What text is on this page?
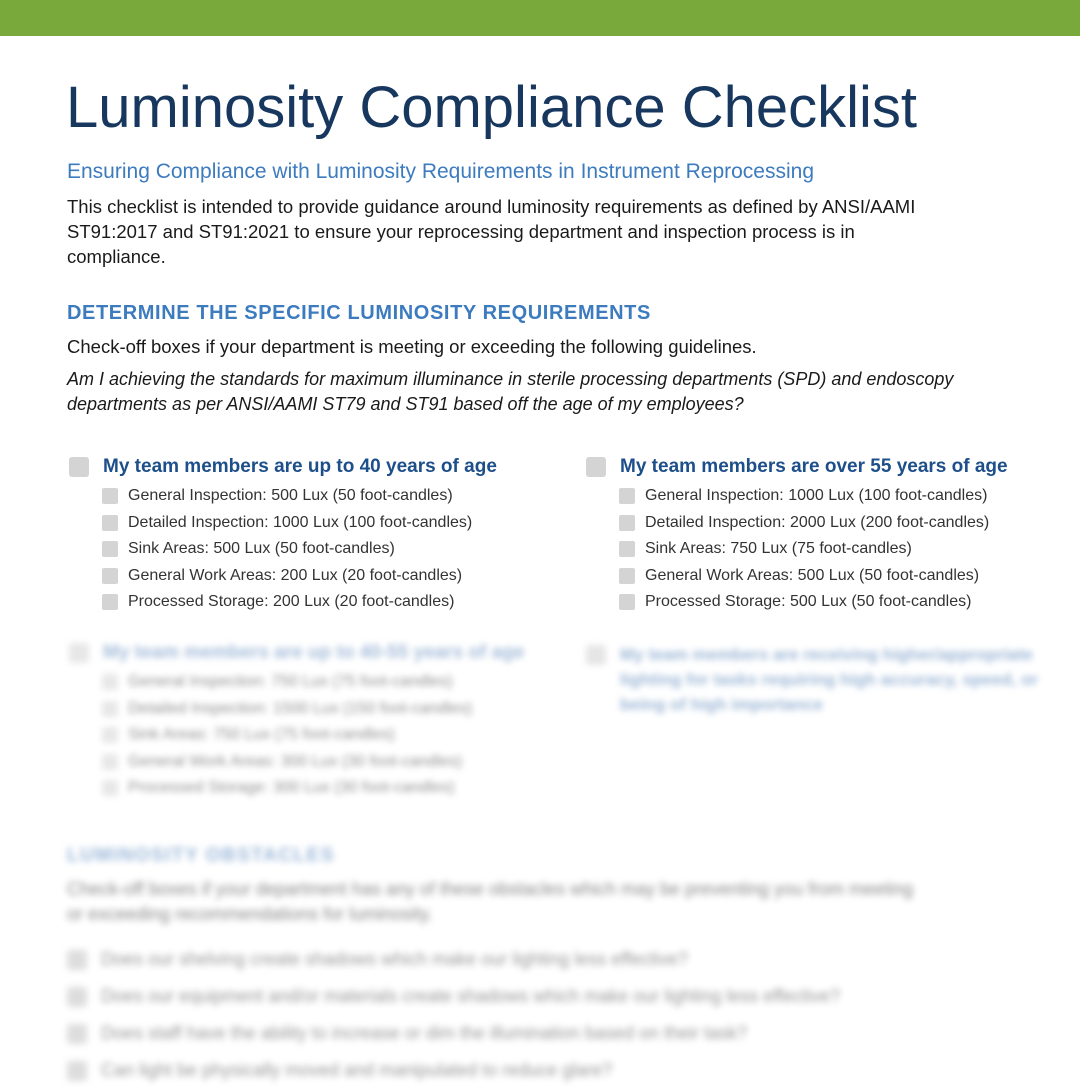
Luminosity Compliance Checklist
Ensuring Compliance with Luminosity Requirements in Instrument Reprocessing
This checklist is intended to provide guidance around luminosity requirements as defined by ANSI/AAMI ST91:2017 and ST91:2021 to ensure your reprocessing department and inspection process is in compliance.
DETERMINE THE SPECIFIC LUMINOSITY REQUIREMENTS
Check-off boxes if your department is meeting or exceeding the following guidelines.
Am I achieving the standards for maximum illuminance in sterile processing departments (SPD) and endoscopy departments as per ANSI/AAMI ST79 and ST91 based off the age of my employees?
My team members are up to 40 years of age
General Inspection: 500 Lux (50 foot-candles)
Detailed Inspection: 1000 Lux (100 foot-candles)
Sink Areas: 500 Lux (50 foot-candles)
General Work Areas: 200 Lux (20 foot-candles)
Processed Storage: 200 Lux (20 foot-candles)
My team members are over 55 years of age
General Inspection: 1000 Lux (100 foot-candles)
Detailed Inspection: 2000 Lux (200 foot-candles)
Sink Areas: 750 Lux (75 foot-candles)
General Work Areas: 500 Lux (50 foot-candles)
Processed Storage: 500 Lux (50 foot-candles)
My team members are up to 40-55 years of age
General Inspection: 750 Lux (75 foot-candles)
Detailed Inspection: 1500 Lux (150 foot-candles)
Sink Areas: 750 Lux (75 foot-candles)
General Work Areas: 300 Lux (30 foot-candles)
Processed Storage: 300 Lux (30 foot-candles)
My team members are receiving higher/appropriate lighting for tasks requiring high accuracy, speed, or being of high importance
LUMINOSITY OBSTACLES
Check-off boxes if your department has any of these obstacles which may be preventing you from meeting or exceeding recommendations for luminosity.
Does our shelving create shadows which make our lighting less effective?
Does our equipment and/or materials create shadows which make our lighting less effective?
Does staff have the ability to increase or dim the illumination based on their task?
Can light be physically moved and manipulated to reduce glare?
